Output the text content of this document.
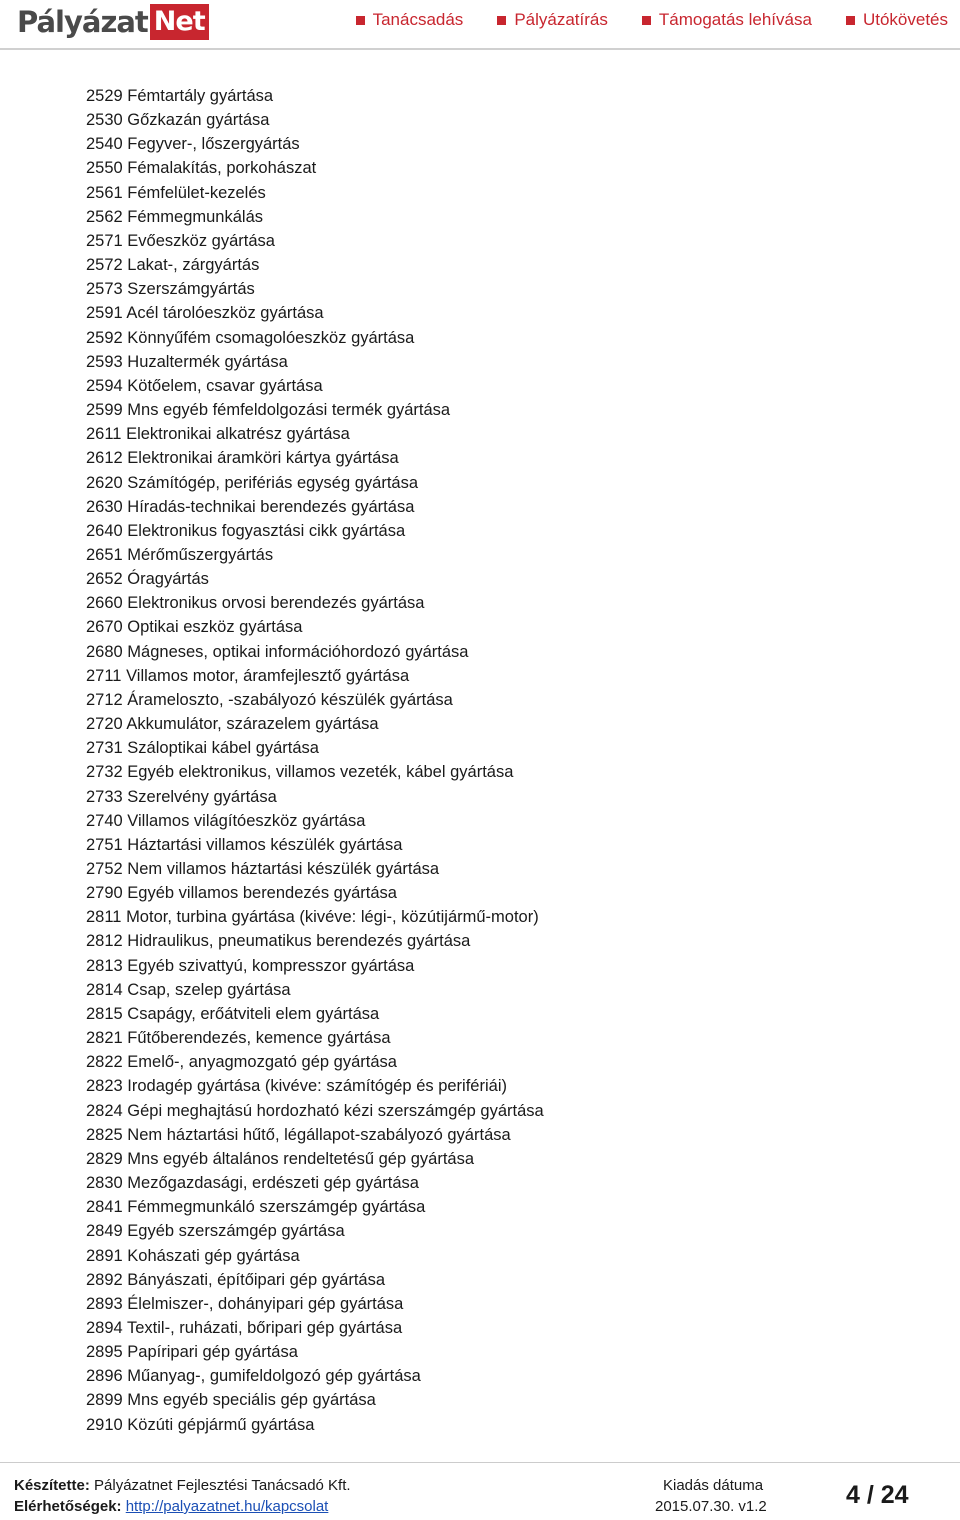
Pályázat Net	Tanácsadás	Pályázatírás	Támogatás lehívása	Utókövetés
2529 Fémtartály gyártása
2530 Gőzkazán gyártása
2540 Fegyver-, lőszergyártás
2550 Fémalakítás, porkohászat
2561 Fémfelület-kezelés
2562 Fémmegmunkálás
2571 Evőeszköz gyártása
2572 Lakat-, zárgyártás
2573 Szerszámgyártás
2591 Acél tárolóeszköz gyártása
2592 Könnyűfém csomagolóeszköz gyártása
2593 Huzaltermék gyártása
2594 Kötőelem, csavar gyártása
2599 Mns egyéb fémfeldolgozási termék gyártása
2611 Elektronikai alkatrész gyártása
2612 Elektronikai áramköri kártya gyártása
2620 Számítógép, perifériás egység gyártása
2630 Híradás-technikai berendezés gyártása
2640 Elektronikus fogyasztási cikk gyártása
2651 Mérőműszergyártás
2652 Óragyártás
2660 Elektronikus orvosi berendezés gyártása
2670 Optikai eszköz gyártása
2680 Mágneses, optikai információhordozó gyártása
2711 Villamos motor, áramfejlesztő gyártása
2712 Árameloszto, -szabályozó készülék gyártása
2720 Akkumulátor, szárazelem gyártása
2731 Száloptikai kábel gyártása
2732 Egyéb elektronikus, villamos vezeték, kábel gyártása
2733 Szerelvény gyártása
2740 Villamos világítóeszköz gyártása
2751 Háztartási villamos készülék gyártása
2752 Nem villamos háztartási készülék gyártása
2790 Egyéb villamos berendezés gyártása
2811 Motor, turbina gyártása (kivéve: légi-, közútijármű-motor)
2812 Hidraulikus, pneumatikus berendezés gyártása
2813 Egyéb szivattyú, kompresszor gyártása
2814 Csap, szelep gyártása
2815 Csapágy, erőátviteli elem gyártása
2821 Fűtőberendezés, kemence gyártása
2822 Emelő-, anyagmozgató gép gyártása
2823 Irodagép gyártása (kivéve: számítógép és perifériái)
2824 Gépi meghajtású hordozható kézi szerszámgép gyártása
2825 Nem háztartási hűtő, légállapot-szabályozó gyártása
2829 Mns egyéb általános rendeltetésű gép gyártása
2830 Mezőgazdasági, erdészeti gép gyártása
2841 Fémmegmunkáló szerszámgép gyártása
2849 Egyéb szerszámgép gyártása
2891 Kohászati gép gyártása
2892 Bányászati, építőipari gép gyártása
2893 Élelmiszer-, dohányipari gép gyártása
2894 Textil-, ruházati, bőripari gép gyártása
2895 Papíripari gép gyártása
2896 Műanyag-, gumifeldolgozó gép gyártása
2899 Mns egyéb speciális gép gyártása
2910 Közúti gépjármű gyártása
Készítette: Pályázatnet Fejlesztési Tanácsadó Kft.
Elérhetőségek: http://palyazatnet.hu/kapcsolat
Kiadás dátuma
2015.07.30. v1.2	4 / 24
